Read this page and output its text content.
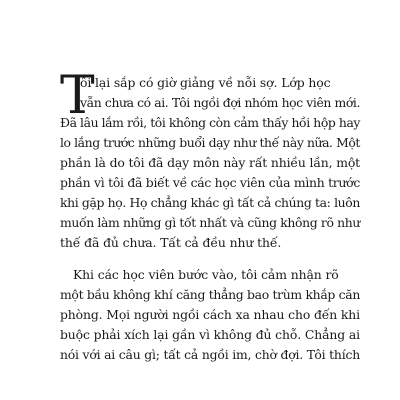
T
ôi lại sắp có giờ giảng về nỗi sợ. Lớp học
vẫn chưa có ai. Tôi ngồi đợi nhóm học viên mới.
Đã lâu lắm rồi, tôi không còn cảm thấy hồi hộp hay
lo lắng trước những buổi dạy như thế này nữa. Một
phần là do tôi đã dạy môn này rất nhiều lần, một
phần vì tôi đã biết về các học viên của mình trước
khi gặp họ. Họ chẳng khác gì tất cả chúng ta: luôn
muốn làm những gì tốt nhất và cũng không rõ như
thế đã đủ chưa. Tất cả đều như thế.
Khi các học viên bước vào, tôi cảm nhận rõ
một bầu không khí căng thẳng bao trùm khắp căn
phòng. Mọi người ngồi cách xa nhau cho đến khi
buộc phải xích lại gần vì không đủ chỗ. Chẳng ai
nói với ai câu gì; tất cả ngồi im, chờ đợi. Tôi thích
